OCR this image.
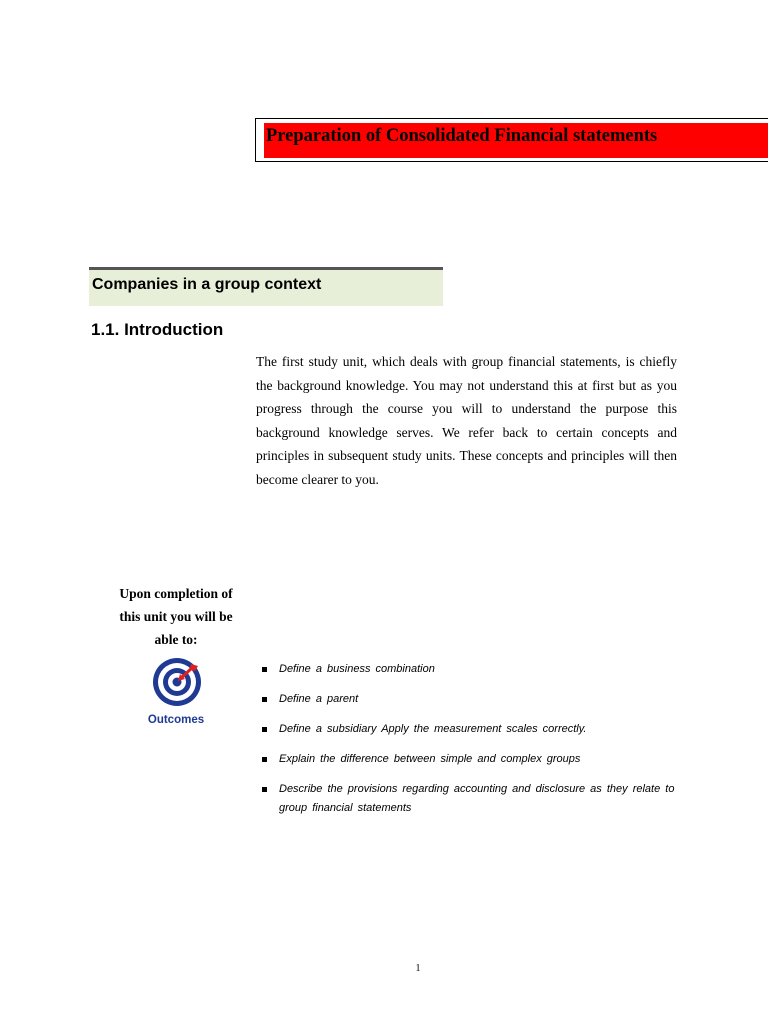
Preparation of Consolidated Financial statements
Companies in a group context
1.1. Introduction

The first study unit, which deals with group financial statements, is chiefly the background knowledge. You may not understand this at first but as you progress through the course you will to understand the purpose this background knowledge serves. We refer back to certain concepts and principles in subsequent study units. These concepts and principles will then become clearer to you.

Upon completion of
this unit you will be
able to:
Outcomes
Define a business combination
Define a parent
Define a subsidiary Apply the measurement scales correctly.
Explain the difference between simple and complex groups
Describe the provisions regarding accounting and disclosure as they relate to group financial statements
1
